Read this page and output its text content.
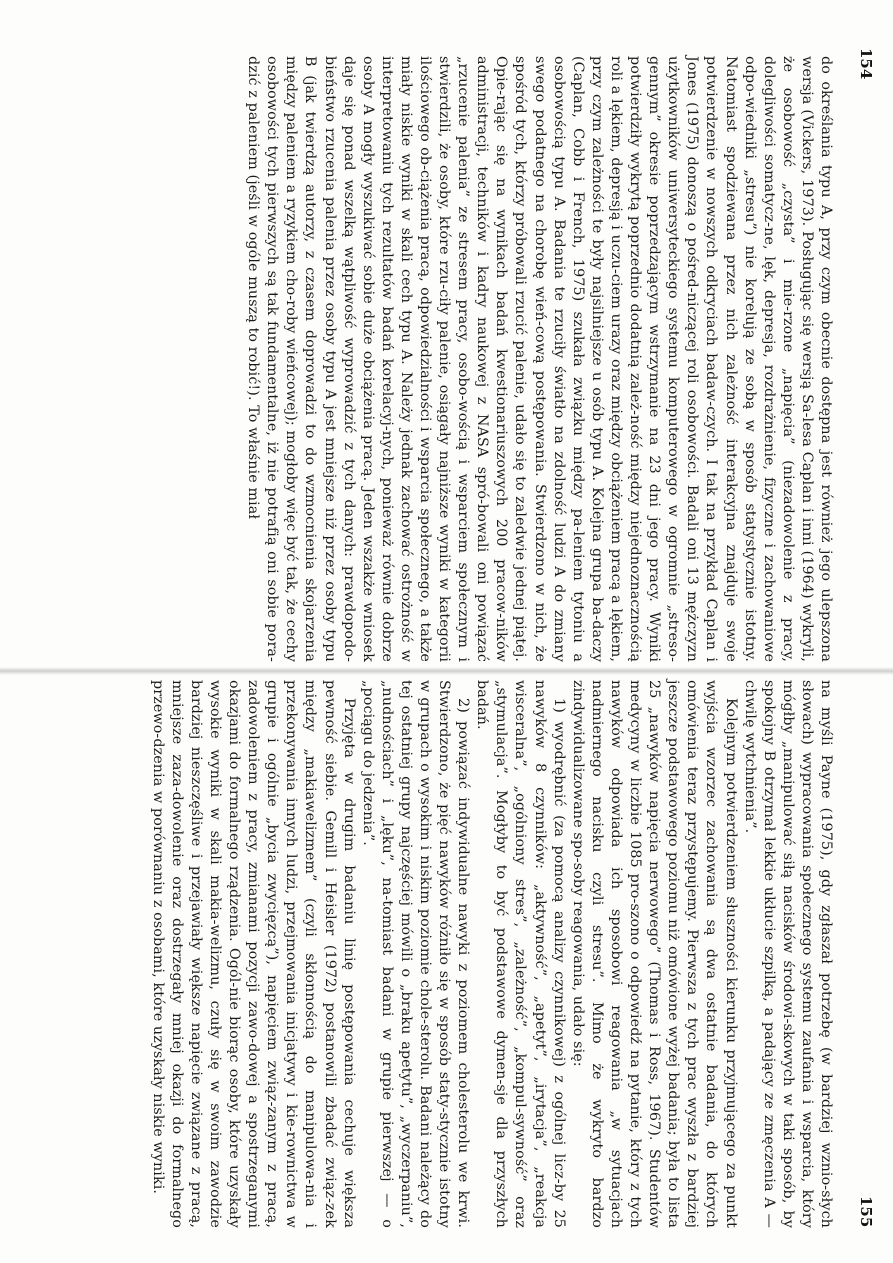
154

do określania typu A, przy czym obecnie dostępna jest również jego ulepszona wersja (Vickers, 1973). Posługując się wersją Sa-lesa Caplan i inni (1964) wykryli, że osobowość „czysta” i mie-rzone „napięcia” (niezadowolenie z pracy, dolegliwości somatycz-ne, lęk, depresja, rozdrażnienie, fizyczne i zachowaniowe odpo-wiedniki „stresu”) nie korelują ze sobą w sposób statystycznie istotny. Natomiast spodziewana przez nich zależność interakcyjna znajduje swoje potwierdzenie w nowszych odkryciach badaw-czych. I tak na przykład Caplan i Jones (1975) donoszą o pośred-niczącej roli osobowości. Badali oni 13 mężczyzn użytkowników uniwersyteckiego systemu komputerowego w ogromnie „streso-gennym” okresie poprzedzającym wstrzymanie na 23 dni jego pracy. Wyniki potwierdziły wykrytą poprzednio dodatnią zależ-ność między niejednoznacznością roli a lękiem, depresją i uczu-ciem urazy oraz między obciążeniem pracą a lękiem, przy czym zależności te były najsilniejsze u osób typu A. Kolejna grupa ba-daczy (Caplan, Cobb i French, 1975) szukała związku między pa-leniem tytoniu a osobowością typu A. Badania te rzuciły światło na zdolność ludzi A do zmiany swego podatnego na chorobę wień-cową postępowania. Stwierdzono w nich, że spośród tych, którzy próbowali rzucić palenie, udało się to zaledwie jednej piątej. Opie-rając się na wynikach badań kwestionariuszowych 200 pracow-ników administracji, techników i kadry naukowej z NASA spró-bowali oni powiązać „rzucenie palenia” ze stresem pracy, osobo-wością i wsparciem społecznym i stwierdzili, że osoby, które rzu-ciły palenie, osiągały najniższe wyniki w kategorii ilościowego ob-ciążenia pracą, odpowiedzialności i wsparcia społecznego, a także miały niskie wyniki w skali cech typu A. Należy jednak zachować ostrożność w interpretowaniu tych rezultatów badań korelacyj-nych, ponieważ równie dobrze osoby A mogły wyszukiwać sobie duże obciążenia pracą. Jeden wszakże wniosek daje się ponad wszelką wątpliwość wyprowadzić z tych danych: prawdopodo-bieństwo rzucenia palenia przez osoby typu A jest mniejsze niż przez osoby typu B (jak twierdzą autorzy, z czasem doprowadzi to do wzmocnienia skojarzenia między paleniem a ryzykiem cho-roby wieńcowej); mogłoby więc być tak, że cechy osobowości tych pierwszych są tak fundamentalne, iż nie potrafią oni sobie pora-dzić z paleniem (jeśli w ogóle muszą to robić!). To właśnie miał

155

na myśli Payne (1975), gdy zgłaszał potrzebę (w bardziej wznio-słych słowach) wypracowania społecznego systemu zaufania i wsparcia, który mógłby „manipulować siłą nacisków środowi-skowych w taki sposób, by spokojny B otrzymał lekkie ukłucie szpilką, a padający ze zmęczenia A — chwilę wytchnienia”.

Kolejnym potwierdzeniem słuszności kierunku przyjmującego za punkt wyjścia wzorzec zachowania są dwa ostatnie badania, do których omówienia teraz przystępujemy. Pierwsza z tych prac wyszła z bardziej jeszcze podstawowego poziomu niż omówione wyżej badania; była to lista 25 „nawyków napięcia nerwowego” (Thomas i Ross, 1967). Studentów medycyny w liczbie 1085 pro-szono o odpowiedź na pytanie, który z tych nawyków odpowiada ich sposobowi reagowania „w sytuacjach nadmiernego nacisku czyli stresu”. Mimo że wykryto bardzo zindywidualizowane spo-soby reagowania, udało się:

1) wyodrębnić (za pomocą analizy czynnikowej) z ogólnej licz-by 25 nawyków 8 czynników: „aktywność”, „apetyt”, „irytacja”, „reakcja wisceralna”, „ogólniony stres”, „zależność”, „kompul-sywność” oraz „stymulacja”. Mogłyby to być podstawowe dymen-sje dla przyszłych badań.

2) powiązać indywidualne nawyki z poziomem cholesterolu we krwi. Stwierdzono, że pięć nawyków różniło się w sposób staty-stycznie istotny w grupach o wysokim i niskim poziomie chole-sterolu. Badani należący do tej ostatniej grupy najczęściej mówili o „braku apetytu”, „wyczerpaniu”, „nudnościach” i „lęku”, na-tomiast badani w grupie pierwszej — o „pociągu do jedzenia”.

Przyjęta w drugim badaniu linię postępowania cechuje większa pewność siebie. Gemill i Heisler (1972) postanowili zbadać związ-zek między „makiawelizmem” (czyli skłonnością do manipulowa-nia i przekonywania innych ludzi, przejmowania inicjatywy i kie-rownictwa w grupie i ogólnie „bycia zwycięzcą”), napięciem związ-zanym z pracą, zadowoleniem z pracy, zmianami pozycji zawo-dowej a spostrzeganymi okazjami do formalnego rządzenia. Ogól-nie biorąc osoby, które uzyskały wysokie wyniki w skali makia-welizmu, czuły się w swoim zawodzie bardziej nieszczęśliwe i przejawiały większe napięcie związane z pracą, mniejsze zaza-dowolenie oraz dostrzegały mniej okazji do formalnego przewo-dzenia w porównaniu z osobami, które uzyskały niskie wyniki.
